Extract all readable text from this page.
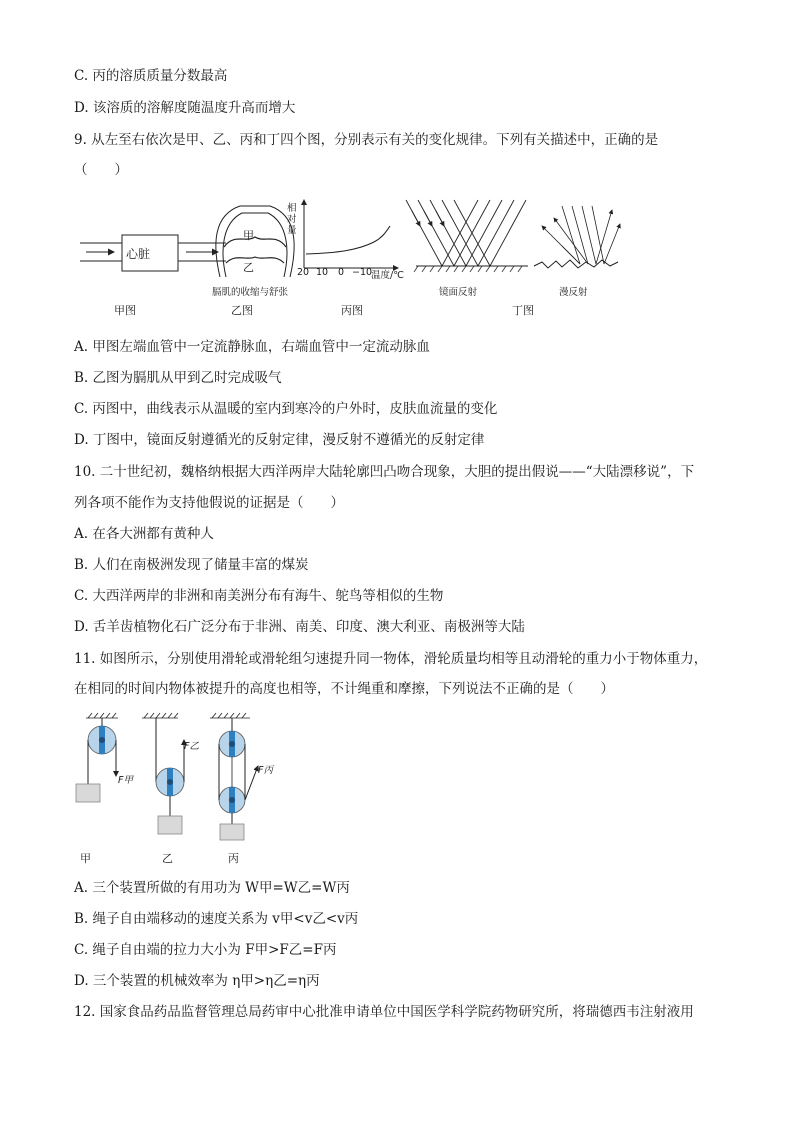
C. 丙的溶质质量分数最高
D. 该溶质的溶解度随温度升高而增大
9. 从左至右依次是甲、乙、丙和丁四个图，分别表示有关的变化规律。下列有关描述中，正确的是
（　　）
心脏
甲图
甲
乙
膈肌的收缩与舒张
乙图
相
对
量
20 10 0 −10
温度/℃
丙图
镜面反射	漫反射
丁图
A. 甲图左端血管中一定流静脉血，右端血管中一定流动脉血
B. 乙图为膈肌从甲到乙时完成吸气
C. 丙图中，曲线表示从温暖的室内到寒冷的户外时，皮肤血流量的变化
D. 丁图中，镜面反射遵循光的反射定律，漫反射不遵循光的反射定律
10. 二十世纪初，魏格纳根据大西洋两岸大陆轮廓凹凸吻合现象，大胆的提出假说——“大陆漂移说”，下
列各项不能作为支持他假说的证据是（　　）
A. 在各大洲都有黄种人
B. 人们在南极洲发现了储量丰富的煤炭
C. 大西洋两岸的非洲和南美洲分布有海牛、鸵鸟等相似的生物
D. 舌羊齿植物化石广泛分布于非洲、南美、印度、澳大利亚、南极洲等大陆
11. 如图所示，分别使用滑轮或滑轮组匀速提升同一物体，滑轮质量均相等且动滑轮的重力小于物体重力，
在相同的时间内物体被提升的高度也相等，不计绳重和摩擦，下列说法不正确的是（　　）
F甲
F乙
F丙
甲	乙	丙
A. 三个装置所做的有用功为 W甲=W乙=W丙
B. 绳子自由端移动的速度关系为 v甲<v乙<v丙
C. 绳子自由端的拉力大小为 F甲>F乙=F丙
D. 三个装置的机械效率为 η甲>η乙=η丙
12. 国家食品药品监督管理总局药审中心批准申请单位中国医学科学院药物研究所，将瑞德西韦注射液用
